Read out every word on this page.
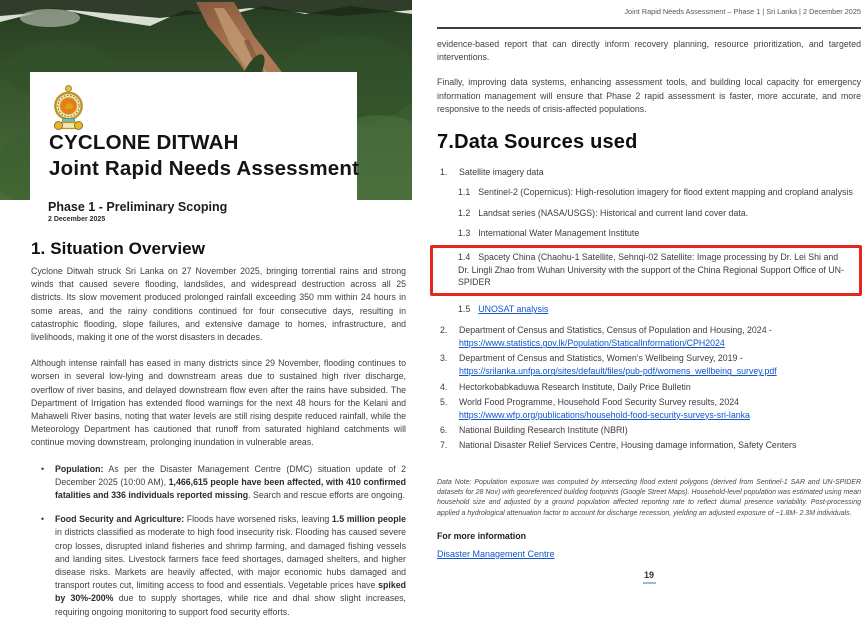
CYCLONE DITWAH
Joint Rapid Needs Assessment
Phase 1 - Preliminary Scoping
2 December 2025
1. Situation Overview

Cyclone Ditwah struck Sri Lanka on 27 November 2025, bringing torrential rains and strong winds that caused severe flooding, landslides, and widespread destruction across all 25 districts. Its slow movement produced prolonged rainfall exceeding 350 mm within 24 hours in some areas, and the rainy conditions continued for four consecutive days, resulting in catastrophic flooding, slope failures, and extensive damage to homes, infrastructure, and livelihoods, making it one of the worst disasters in decades.

Although intense rainfall has eased in many districts since 29 November, flooding continues to worsen in several low-lying and downstream areas due to sustained high river discharge, overflow of river basins, and delayed downstream flow even after the rains have subsided. The Department of Irrigation has extended flood warnings for the next 48 hours for the Kelani and Mahaweli River basins, noting that water levels are still rising despite reduced rainfall, while the Meteorology Department has cautioned that runoff from saturated highland catchments will continue moving downstream, prolonging inundation in vulnerable areas.

• Population: As per the Disaster Management Centre (DMC) situation update of 2 December 2025 (10:00 AM), 1,466,615 people have been affected, with 410 confirmed fatalities and 336 individuals reported missing. Search and rescue efforts are ongoing.
• Food Security and Agriculture: Floods have worsened risks, leaving 1.5 million people in districts classified as moderate to high food insecurity risk. Flooding has caused severe crop losses, disrupted inland fisheries and shrimp farming, and damaged fishing vessels and landing sites. Livestock farmers face feed shortages, damaged shelters, and higher disease risks. Markets are heavily affected, with major economic hubs damaged and transport routes cut, limiting access to food and essentials. Vegetable prices have spiked by 30%-200% due to supply shortages, while rice and dhal show slight increases, requiring ongoing monitoring to support food security efforts.
Joint Rapid Needs Assessment – Phase 1 | Sri Lanka | 2 December 2025

evidence-based report that can directly inform recovery planning, resource prioritization, and targeted interventions.

Finally, improving data systems, enhancing assessment tools, and building local capacity for emergency information management will ensure that Phase 2 rapid assessment is faster, more accurate, and more responsive to the needs of crisis-affected populations.

7.Data Sources used
1.	Satellite imagery data
1.1 Sentinel-2 (Copernicus): High-resolution imagery for flood extent mapping and cropland analysis
1.2 Landsat series (NASA/USGS): Historical and current land cover data.
1.3 International Water Management Institute
1.4 Spacety China (Chaohu-1 Satellite, Sehnqi-02 Satellite: Image processing by Dr. Lei Shi and Dr. Lingli Zhao from Wuhan University with the support of the China Regional Support Office of UN-SPIDER
1.5 UNOSAT analysis
2.	Department of Census and Statistics, Census of Population and Housing, 2024 -
https://www.statistics.gov.lk/Population/StaticalInformation/CPH2024
3.	Department of Census and Statistics, Women's Wellbeing Survey, 2019 -
https://srilanka.unfpa.org/sites/default/files/pub-pdf/womens_wellbeing_survey.pdf
4.	Hectorkobabkaduwa Research Institute, Daily Price Bulletin
5.	World Food Programme, Household Food Security Survey results, 2024
https://www.wfp.org/publications/household-food-security-surveys-sri-lanka
6.	National Building Research Institute (NBRI)
7.	National Disaster Relief Services Centre, Housing damage information, Safety Centers

Data Note: Population exposure was computed by intersecting flood extent polygons (derived from Sentinel-1 SAR and UN-SPIDER datasets for 28 Nov) with georeferenced building footprints (Google Street Maps). Household-level population was estimated using mean household size and adjusted by a ground population affected reporting rate to reflect diurnal presence variability. Post-processing applied a hydrological attenuation factor to account for discharge recession, yielding an adjusted exposure of ~1.8M- 2.3M individuals.

For more information
Disaster Management Centre
19
